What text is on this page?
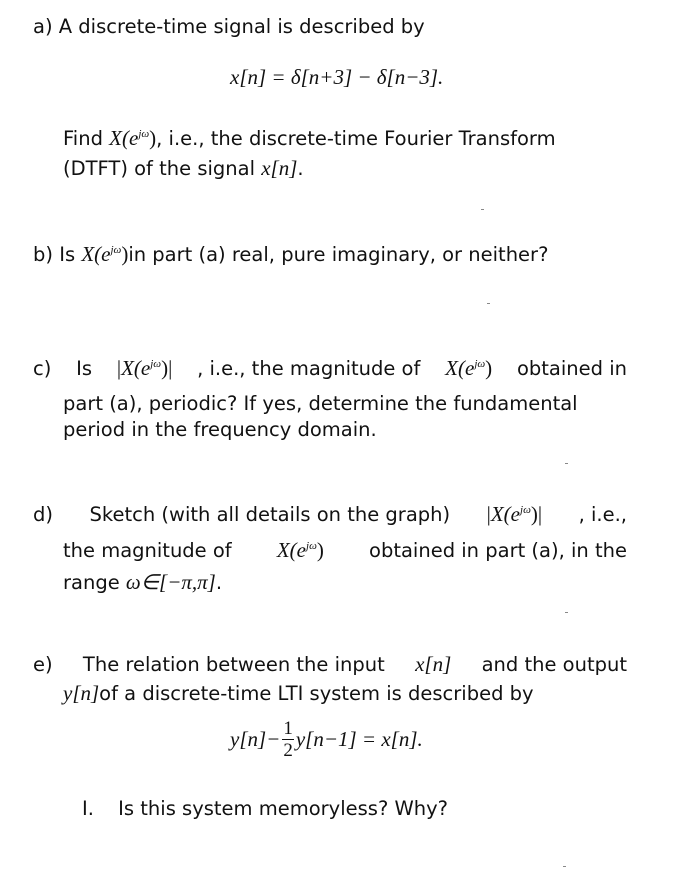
a) A discrete-time signal is described by
x[n] = δ[n+3] − δ[n−3].
Find $X(e^{j\omega})$, i.e., the discrete-time Fourier Transform
(DTFT) of the signal x[n].
b) Is $X(e^{j\omega})in$ part (a) real, pure imaginary, or neither?
c) Is $|X(e^{j\omega})|$ , i.e., the magnitude of $X(e^{j\omega})$ obtained in
part (a), periodic? If yes, determine the fundamental
period in the frequency domain.
d) Sketch (with all details on the graph) $|X(e^{j\omega})|$ , i.e.,
the magnitude of $X(e^{j\omega})$ obtained in part (a), in the
range ω∈[−π,π].
e) The relation between the input x[n] and the output
y[n]of a discrete-time LTI system is described by
$y[n]- \frac{1}{2} y[n-1] = x[n]$.
I. Is this system memoryless? Why?
